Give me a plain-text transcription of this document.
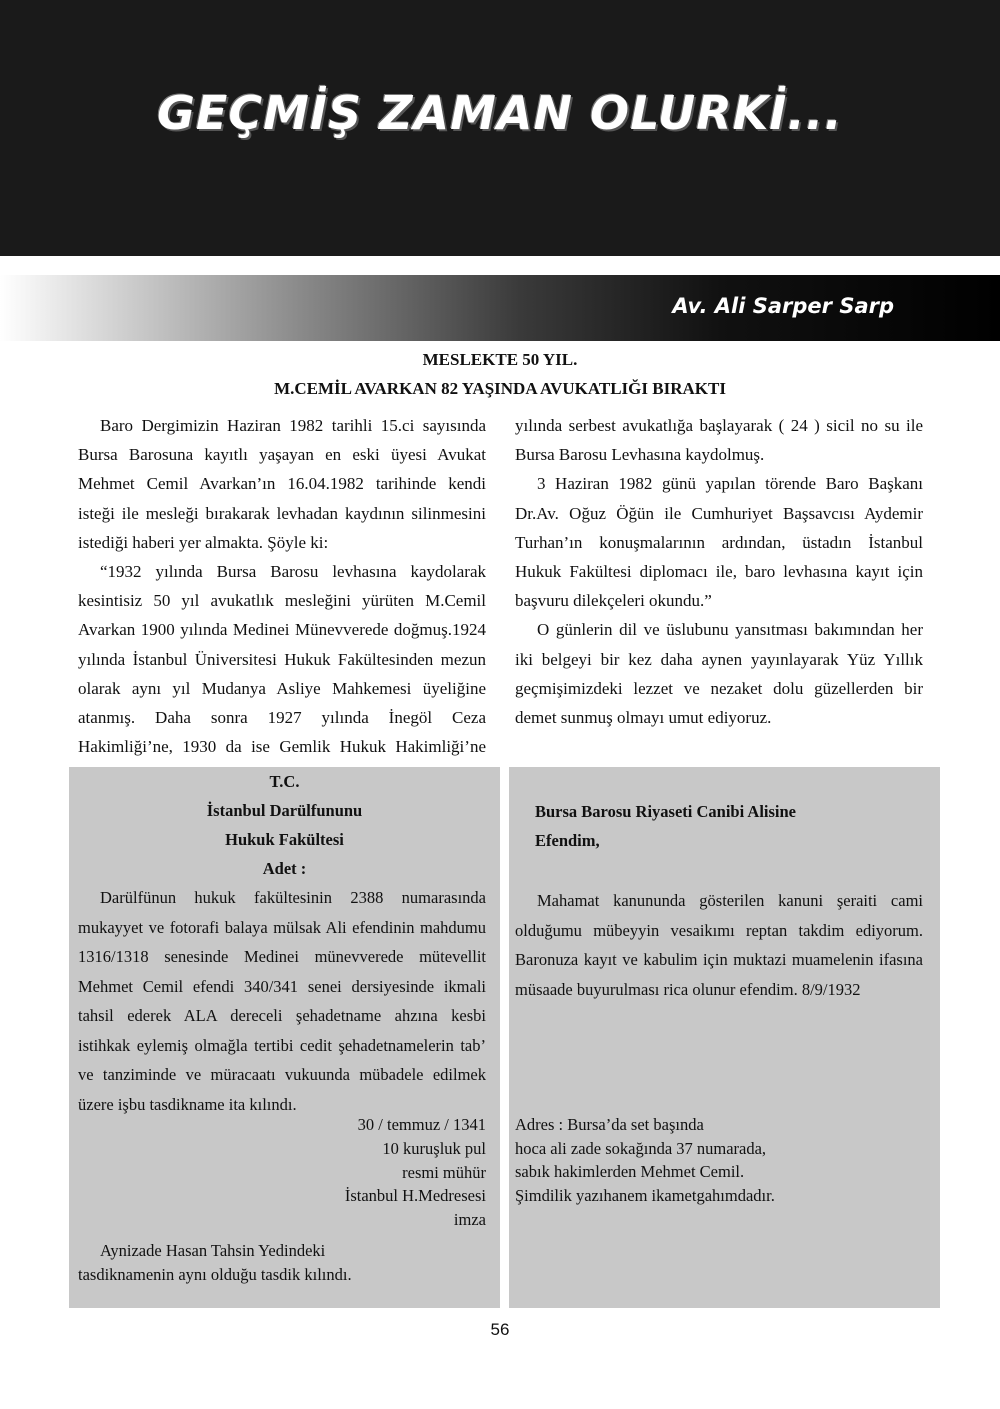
GEÇMİŞ ZAMAN OLURKİ...
Av. Ali Sarper Sarp
MESLEKTE 50 YIL.
M.CEMİL AVARKAN 82 YAŞINDA AVUKATLIĞI BIRAKTI

Baro Dergimizin Haziran 1982 tarihli 15.ci sayısında Bursa Barosuna kayıtlı yaşayan en eski üyesi Avukat Mehmet Cemil Avarkan’ın 16.04.1982 tarihinde kendi isteği ile mesleği bırakarak levhadan kaydının silinmesini istediği haberi yer almakta. Şöyle ki:

“1932 yılında Bursa Barosu levhasına kaydolarak kesintisiz 50 yıl avukatlık mesleğini yürüten M.Cemil Avarkan 1900 yılında Medinei Münevverede doğmuş.1924 yılında İstanbul Üniversitesi Hukuk Fakültesinden mezun olarak aynı yıl Mudanya Asliye Mahkemesi üyeliğine atanmış. Daha sonra 1927 yılında İnegöl Ceza Hakimliği’ne, 1930 da ise Gemlik Hukuk Hakimliği’ne

yılında serbest avukatlığa başlayarak ( 24 ) sicil no su ile Bursa Barosu Levhasına kaydolmuş.

3 Haziran 1982 günü yapılan törende Baro Başkanı Dr.Av. Oğuz Öğün ile Cumhuriyet Başsavcısı Aydemir Turhan’ın konuşmalarının ardından, üstadın İstanbul Hukuk Fakültesi diplomacı ile, baro levhasına kayıt için başvuru dilekçeleri okundu.”

O günlerin dil ve üslubunu yansıtması bakımından her iki belgeyi bir kez daha aynen yayınlayarak Yüz Yıllık geçmişimizdeki lezzet ve nezaket dolu güzellerden bir demet sunmuş olmayı umut ediyoruz.

T.C.
İstanbul Darülfununu
Hukuk Fakültesi
Adet :

Darülfünun hukuk fakültesinin 2388 numarasında mukayyet ve fotorafi balaya mülsak Ali efendinin mahdumu 1316/1318 senesinde Medinei münevverede mütevellit Mehmet Cemil efendi 340/341 senei dersiyesinde ikmali tahsil ederek ALA dereceli şehadetname ahzına kesbi istihkak eylemiş olmağla tertibi cedit şehadetnamelerin tab’ ve tanziminde ve müracaatı vukuunda mübadele edilmek üzere işbu tasdikname ita kılındı.

30 / temmuz / 1341
10 kuruşluk pul
resmi mühür
İstanbul H.Medresesi
imza
Aynizade Hasan Tahsin Yedindeki
tasdiknamenin aynı olduğu tasdik kılındı.
Bursa Barosu Riyaseti Canibi Alisine
Efendim,

Mahamat kanununda gösterilen kanuni şeraiti cami olduğumu mübeyyin vesaikımı reptan takdim ediyorum. Baronuza kayıt ve kabulim için muktazi muamelenin ifasına müsaade buyurulması rica olunur efendim. 8/9/1932

Adres : Bursa’da set başında
hoca ali zade sokağında 37 numarada,
sabık hakimlerden Mehmet Cemil.
Şimdilik yazıhanem ikametgahımdadır.
56
